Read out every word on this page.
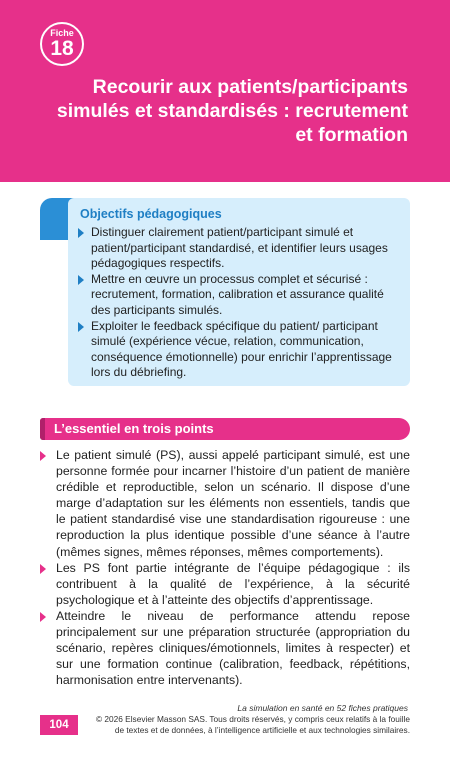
Fiche
18
Recourir aux patients/participants simulés et standardisés : recrutement et formation
Objectifs pédagogiques
Distinguer clairement patient/participant simulé et patient/participant standardisé, et identifier leurs usages pédagogiques respectifs.
Mettre en œuvre un processus complet et sécurisé : recrutement, formation, calibration et assurance qualité des participants simulés.
Exploiter le feedback spécifique du patient/ participant simulé (expérience vécue, relation, communication, conséquence émotionnelle) pour enrichir l’apprentissage lors du débriefing.
L’essentiel en trois points
Le patient simulé (PS), aussi appelé participant simulé, est une personne formée pour incarner l’histoire d’un patient de manière crédible et reproductible, selon un scénario. Il dispose d’une marge d’adaptation sur les éléments non essentiels, tandis que le patient standardisé vise une standardisation rigoureuse : une reproduction la plus identique possible d’une séance à l’autre (mêmes signes, mêmes réponses, mêmes comportements).
Les PS font partie intégrante de l’équipe pédagogique : ils contribuent à la qualité de l’expérience, à la sécurité psychologique et à l’atteinte des objectifs d’apprentissage.
Atteindre le niveau de performance attendu repose principalement sur une préparation structurée (appropriation du scénario, repères cliniques/émotionnels, limites à respecter) et sur une formation continue (calibration, feedback, répétitions, harmonisation entre intervenants).

La simulation en santé en 52 fiches pratiques

104	© 2026 Elsevier Masson SAS. Tous droits réservés, y compris ceux relatifs à la fouille de textes et de données, à l’intelligence artificielle et aux technologies similaires.
